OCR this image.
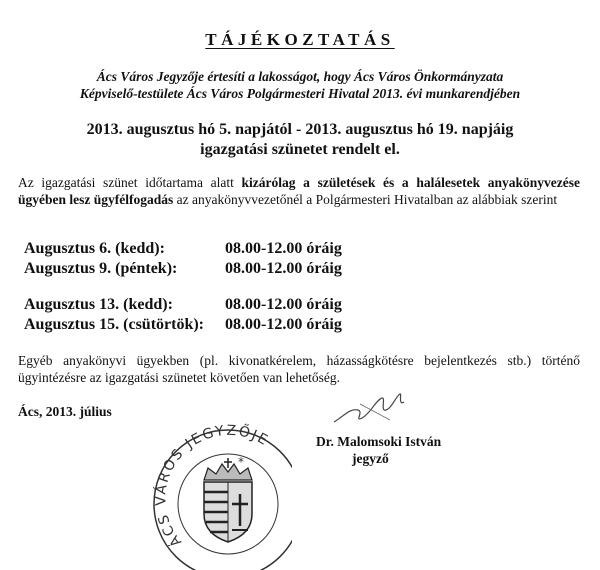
TÁJÉKOZTATÁS
Ács Város Jegyzője értesíti a lakosságot, hogy Ács Város Önkormányzata
Képviselő-testülete Ács Város Polgármesteri Hivatal 2013. évi munkarendjében
2013. augusztus hó 5. napjától - 2013. augusztus hó 19. napjáig
igazgatási szünetet rendelt el.
Az igazgatási szünet időtartama alatt kizárólag a születések és a halálesetek anyakönyvezése ügyében lesz ügyfélfogadás az anyakönyvvezetőnél a Polgármesteri Hivatalban az alábbiak szerint
Augusztus 6. (kedd):	08.00-12.00 óráig
Augusztus 9. (péntek):	08.00-12.00 óráig
Augusztus 13. (kedd):	08.00-12.00 óráig
Augusztus 15. (csütörtök): 08.00-12.00 óráig
Egyéb anyakönyvi ügyekben (pl. kivonatkérelem, házasságkötésre bejelentkezés stb.) történő ügyintézésre az igazgatási szünetet követően van lehetőség.
Ács, 2013. július
Dr. Malomsoki István
jegyző
ÁCS VÁROS JEGYZŐJE
*
